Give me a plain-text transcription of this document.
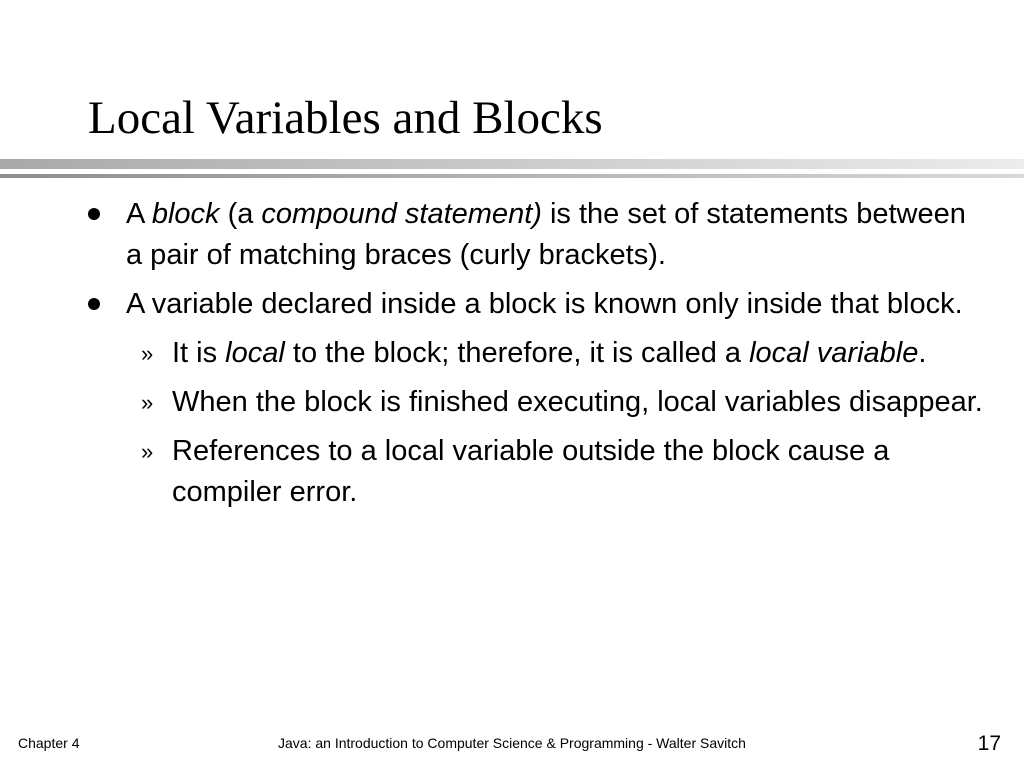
Local Variables and Blocks
A block (a compound statement) is the set of statements between a pair of matching braces (curly brackets).
A variable declared inside a block is known only inside that block.
» It is local to the block; therefore, it is called a local variable.
» When the block is finished executing, local variables disappear.
» References to a local variable outside the block cause a compiler error.
Chapter 4	Java: an Introduction to Computer Science & Programming - Walter Savitch	17
